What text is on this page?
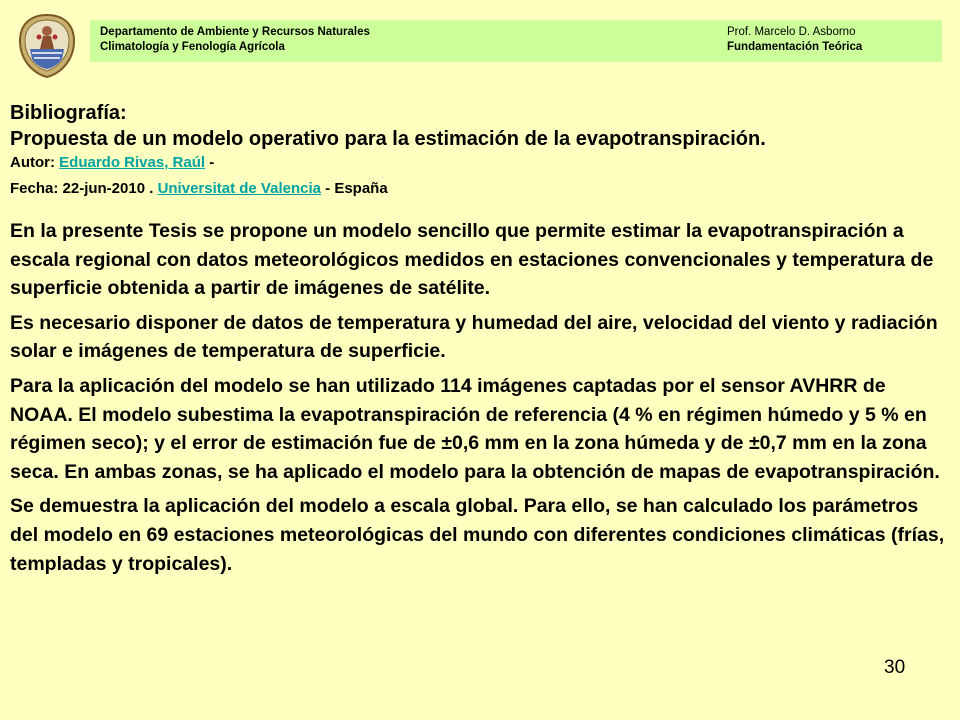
Departamento de Ambiente y Recursos Naturales
Climatología y Fenología Agrícola
Prof. Marcelo D. Asborno
Fundamentación Teórica
Bibliografía:
Propuesta de un modelo operativo para la estimación de la evapotranspiración.
Autor: Eduardo Rivas, Raúl -
Fecha: 22-jun-2010 . Universitat de Valencia - España
En la presente Tesis se propone un modelo sencillo que permite estimar la evapotranspiración a escala regional con datos meteorológicos medidos en estaciones convencionales y temperatura de superficie obtenida a partir de imágenes de satélite.
Es necesario disponer de datos de temperatura y humedad del aire, velocidad del viento y radiación solar e imágenes de temperatura de superficie.
Para la aplicación del modelo se han utilizado 114 imágenes captadas por el sensor AVHRR de NOAA. El modelo subestima la evapotranspiración de referencia (4 % en régimen húmedo y 5 % en régimen seco); y el error de estimación fue de ±0,6 mm en la zona húmeda y de ±0,7 mm en la zona seca. En ambas zonas, se ha aplicado el modelo para la obtención de mapas de evapotranspiración.
Se demuestra la aplicación del modelo a escala global. Para ello, se han calculado los parámetros del modelo en 69 estaciones meteorológicas del mundo con diferentes condiciones climáticas (frías, templadas y tropicales).
30
